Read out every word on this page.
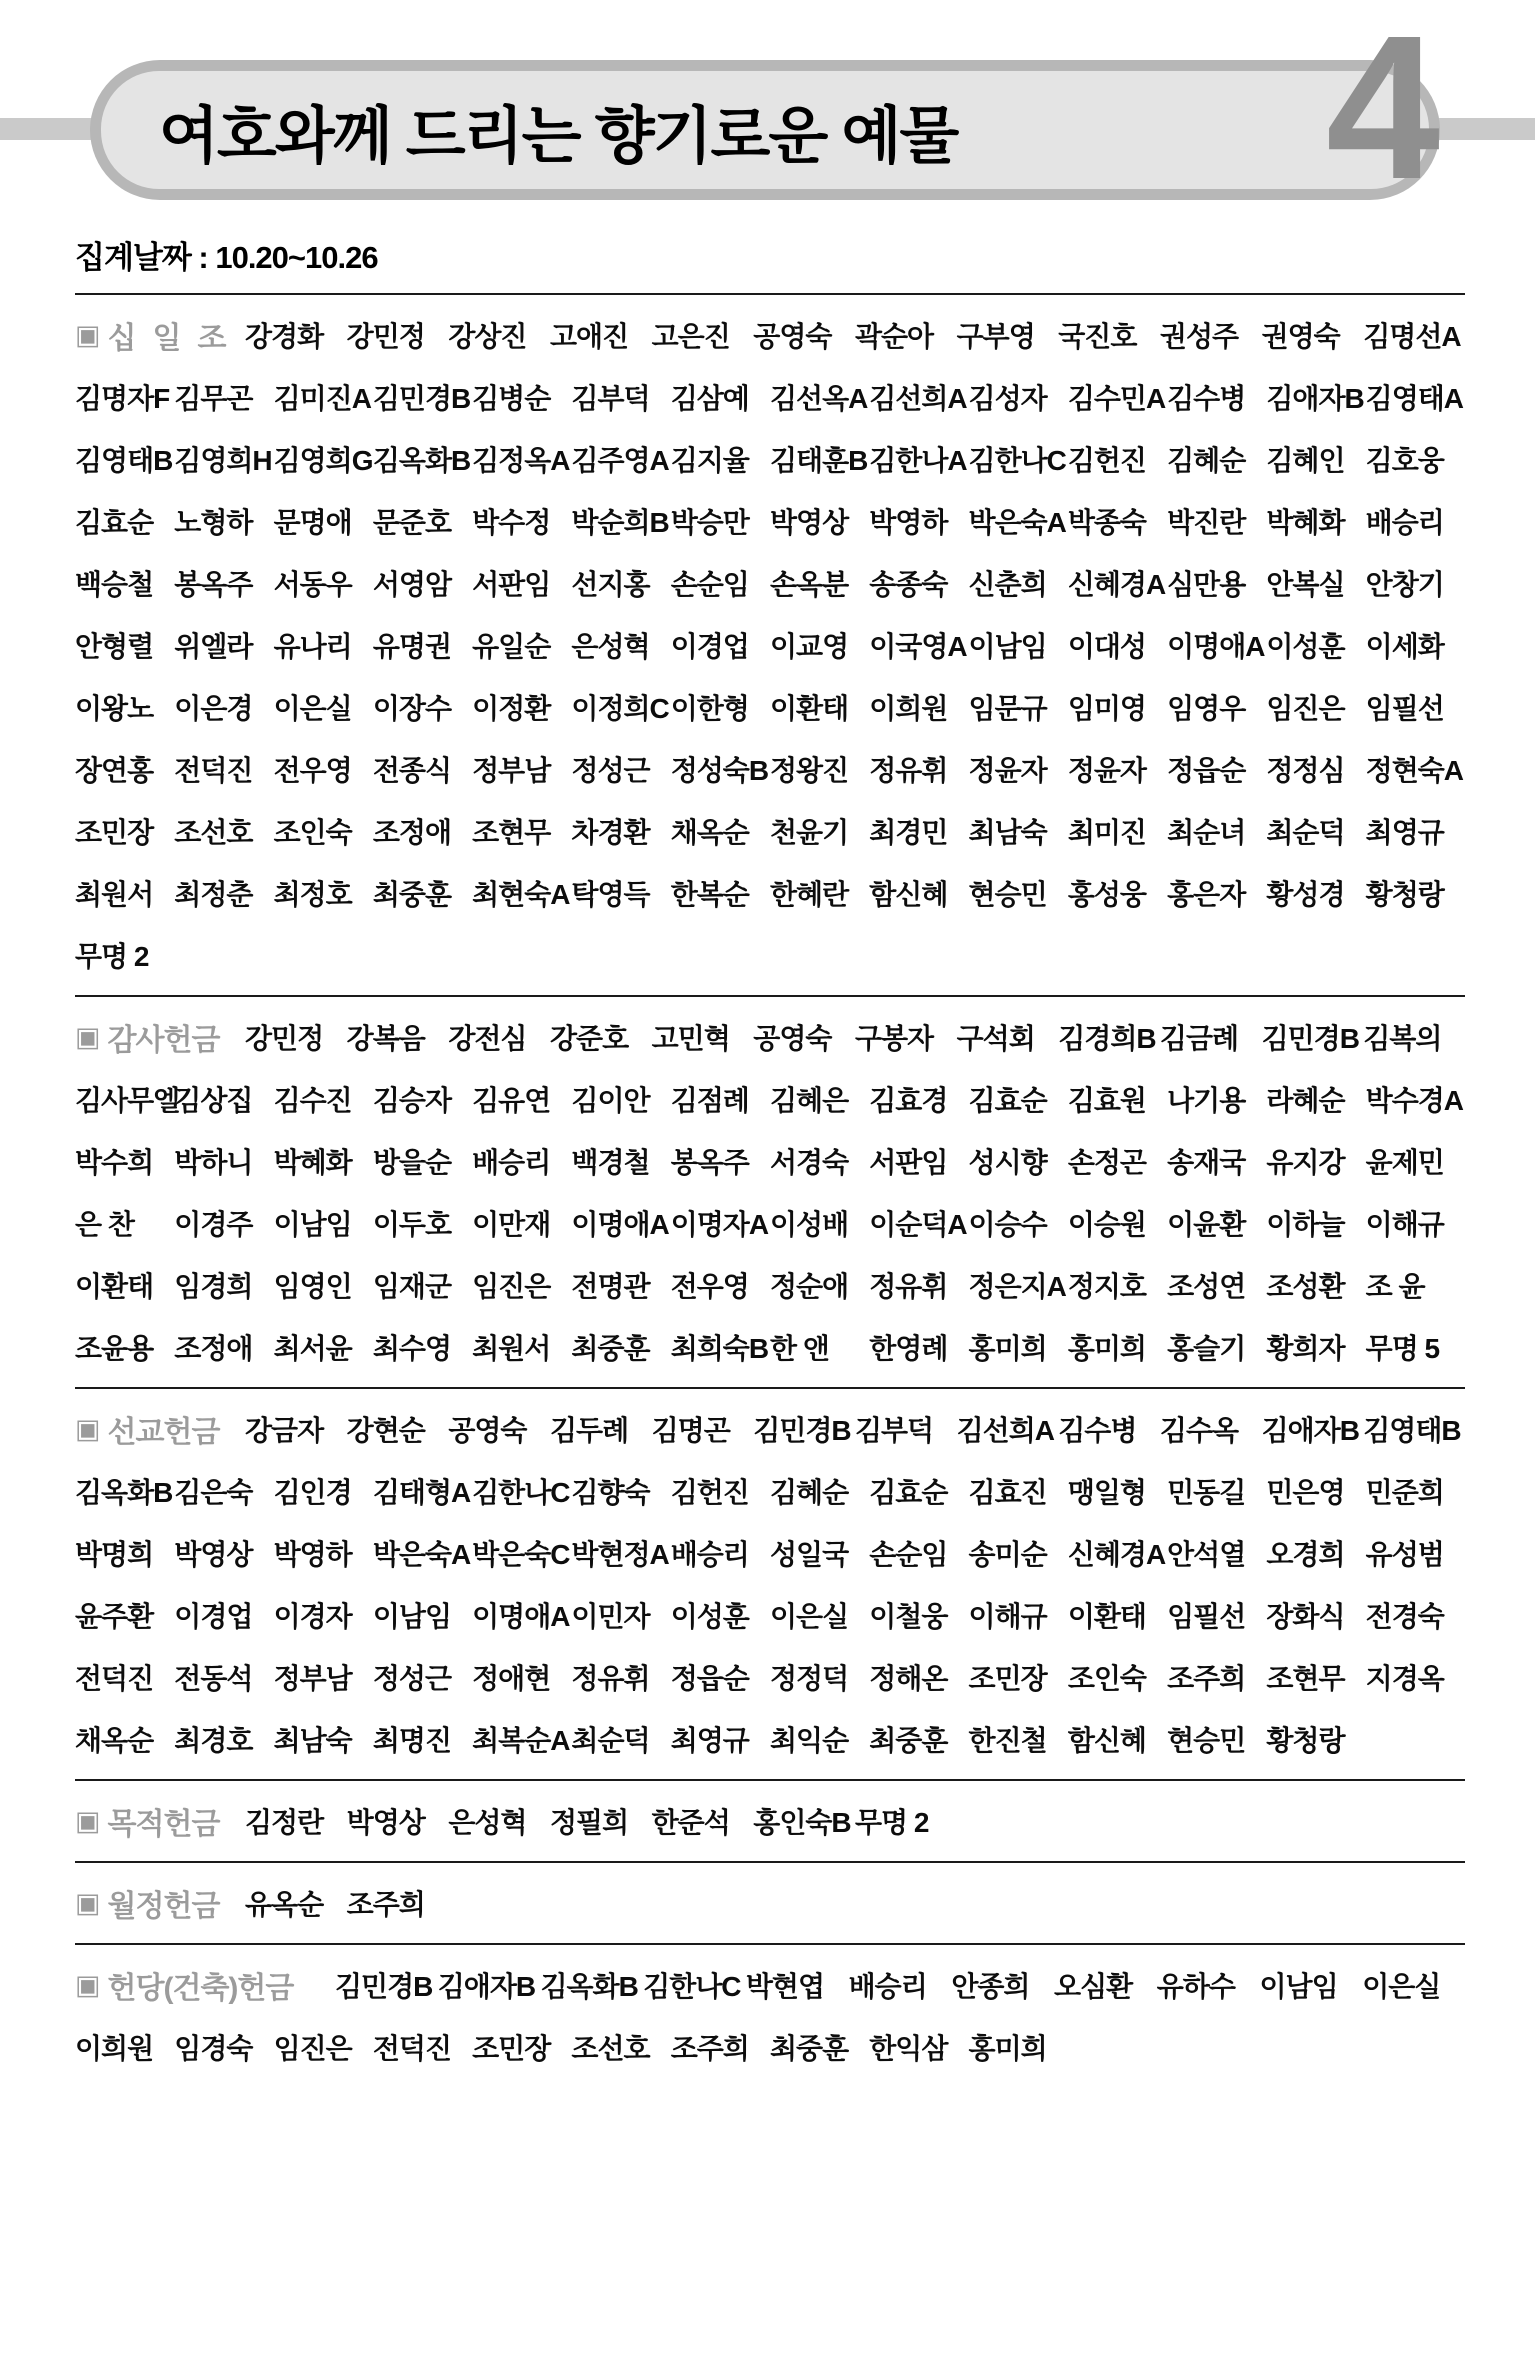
여호와께 드리는 향기로운 예물 4
집계날짜 : 10.20~10.26
▣ 십일조 강경화 강민정 강상진 고애진 고은진 공영숙 곽순아 구부영 국진호 권성주 권영숙 김명선A
김명자F 김무곤 김미진A 김민경B 김병순 김부덕 김삼예 김선옥A 김선희A 김성자 김수민A 김수병 김애자B 김영태A
김영태B 김영희H 김영희G 김옥화B 김정옥A 김주영A 김지율 김태훈B 김한나A 김한나C 김헌진 김혜순 김혜인 김호웅
김효순 노형하 문명애 문준호 박수정 박순희B 박승만 박영상 박영하 박은숙A 박종숙 박진란 박혜화 배승리
백승철 봉옥주 서동우 서영암 서판임 선지홍 손순임 손옥분 송종숙 신춘희 신혜경A 심만용 안복실 안창기
안형렬 위엘라 유나리 유명권 유일순 은성혁 이경업 이교영 이국영A 이남임 이대성 이명애A 이성훈 이세화
이왕노 이은경 이은실 이장수 이정환 이정희C 이한형 이환태 이희원 임문규 임미영 임영우 임진은 임필선
장연홍 전덕진 전우영 전종식 정부남 정성근 정성숙B 정왕진 정유휘 정윤자 정윤자 정읍순 정정심 정현숙A
조민장 조선호 조인숙 조정애 조현무 차경환 채옥순 천윤기 최경민 최남숙 최미진 최순녀 최순덕 최영규
최원서 최정춘 최정호 최중훈 최현숙A 탁영득 한복순 한혜란 함신혜 현승민 홍성웅 홍은자 황성경 황청랑
무명 2
▣ 감사헌금 강민정 강복음 강전심 강준호 고민혁 공영숙 구봉자 구석회 김경희B 김금례 김민경B 김복의
김사무엘
김상집 김수진 김승자 김유연 김이안 김점례 김혜은 김효경 김효순 김효원 나기용 라혜순 박수경A
박수희 박하니 박혜화 방을순 배승리 백경철 봉옥주 서경숙 서판임 성시향 손정곤 송재국 유지강 윤제민
은 찬	이경주 이남임 이두호 이만재 이명애A 이명자A 이성배 이순덕A 이승수 이승원 이윤환 이하늘 이해규
이환태 임경희 임영인 임재군 임진은 전명관 전우영 정순애 정유휘 정은지A 정지호 조성연 조성환 조 윤
조윤용 조정애 최서윤 최수영 최원서 최중훈 최희숙B 한 앤	한영례 홍미희 홍미희 홍슬기 황희자 무명 5
▣ 선교헌금 강금자 강현순 공영숙 김두례 김명곤 김민경B 김부덕 김선희A 김수병 김수옥 김애자B 김영태B
김옥화B 김은숙 김인경 김태형A 김한나C 김향숙 김헌진 김혜순 김효순 김효진 맹일형 민동길 민은영 민준희
박명희 박영상 박영하 박은숙A 박은숙C 박현정A 배승리 성일국 손순임 송미순 신혜경A 안석열 오경희 유성범
윤주환 이경업 이경자 이남임 이명애A 이민자 이성훈 이은실 이철웅 이해규 이환태 임필선 장화식 전경숙
전덕진 전동석 정부남 정성근 정애현 정유휘 정읍순 정정덕 정해온 조민장 조인숙 조주희 조현무 지경옥
채옥순 최경호 최남숙 최명진 최복순A 최순덕 최영규 최익순 최중훈 한진철 함신혜 현승민 황청랑
▣ 목적헌금 김정란 박영상 은성혁 정필희 한준석 홍인숙B 무명 2
▣ 월정헌금 유옥순 조주희
▣ 헌당(건축)헌금 김민경B 김애자B 김옥화B 김한나C 박현엽 배승리 안종희 오심환 유하수 이남임 이은실
이희원 임경숙 임진은 전덕진 조민장 조선호 조주희 최중훈 한익삼 홍미희
